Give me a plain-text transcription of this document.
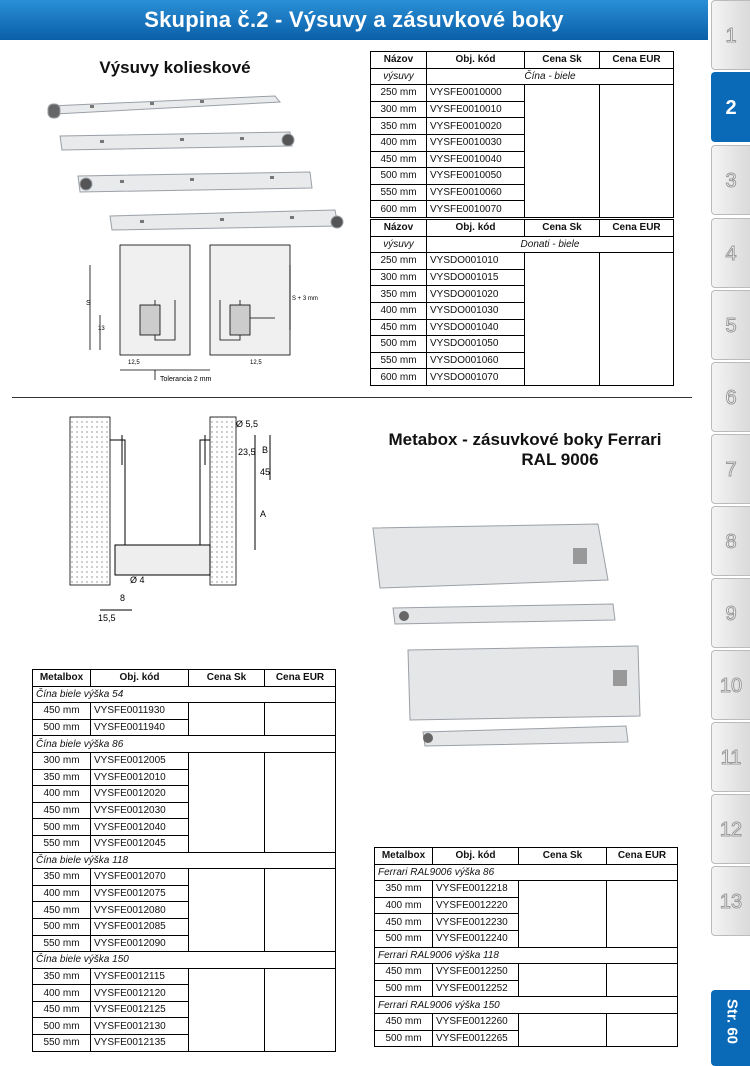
Skupina č.2 - Výsuvy a zásuvkové boky
1
2
3
4
5
6
7
8
9
10
11
12
13
Str. 60
Výsuvy kolieskové
Metabox - zásuvkové boky Ferrari
RAL 9006
S
13
S + 3 mm
12,5	12,5
Tolerancia 2 mm
Ø 5,5
23,5 B
45
A
Ø 4
8
15,5
Názov	Obj. kód	Cena Sk	Cena EUR
výsuvy	Čína - biele		
250 mm	VYSFE0010000		
300 mm	VYSFE0010010		
350 mm	VYSFE0010020		
400 mm	VYSFE0010030		
450 mm	VYSFE0010040		
500 mm	VYSFE0010050		
550 mm	VYSFE0010060		
600 mm	VYSFE0010070		
Názov	Obj. kód	Cena Sk	Cena EUR
výsuvy	Donati - biele		
250 mm	VYSDO001010		
300 mm	VYSDO001015		
350 mm	VYSDO001020		
400 mm	VYSDO001030		
450 mm	VYSDO001040		
500 mm	VYSDO001050		
550 mm	VYSDO001060		
600 mm	VYSDO001070		
Metalbox	Obj. kód	Cena Sk	Cena EUR
Čína biele výška 54			
450 mm	VYSFE0011930		
500 mm	VYSFE0011940		
Čína biele výška 86			
300 mm	VYSFE0012005		
350 mm	VYSFE0012010		
400 mm	VYSFE0012020		
450 mm	VYSFE0012030		
500 mm	VYSFE0012040		
550 mm	VYSFE0012045		
Čína biele výška 118			
350 mm	VYSFE0012070		
400 mm	VYSFE0012075		
450 mm	VYSFE0012080		
500 mm	VYSFE0012085		
550 mm	VYSFE0012090		
Čína biele výška 150			
350 mm	VYSFE0012115		
400 mm	VYSFE0012120		
450 mm	VYSFE0012125		
500 mm	VYSFE0012130		
550 mm	VYSFE0012135		
Metalbox	Obj. kód	Cena Sk	Cena EUR
Ferrari RAL9006 výška 86			
350 mm	VYSFE0012218		
400 mm	VYSFE0012220		
450 mm	VYSFE0012230		
500 mm	VYSFE0012240		
Ferrari RAL9006 výška 118			
450 mm	VYSFE0012250		
500 mm	VYSFE0012252		
Ferrari RAL9006 výška 150			
450 mm	VYSFE0012260		
500 mm	VYSFE0012265		
